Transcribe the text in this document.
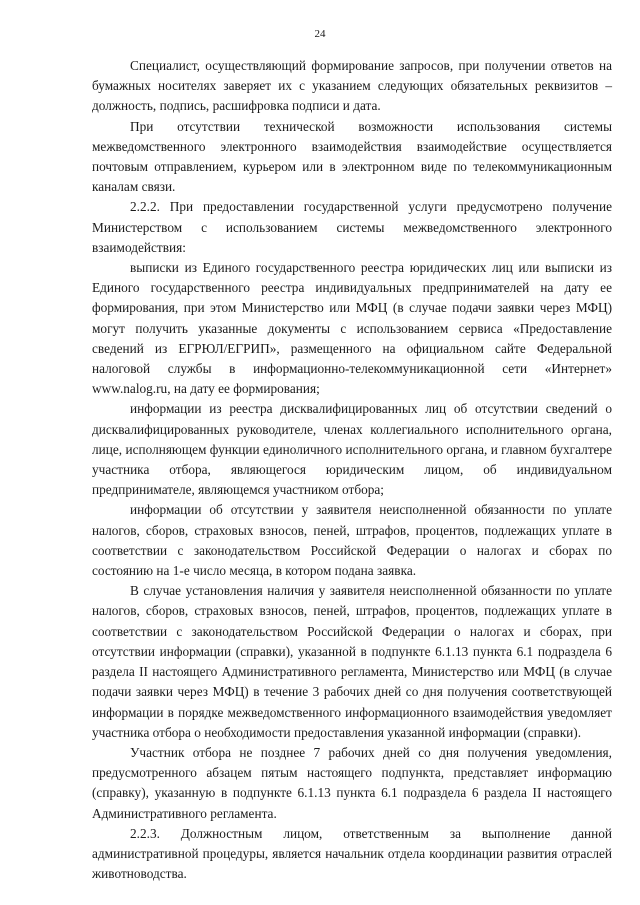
24

Специалист, осуществляющий формирование запросов, при получении ответов на бумажных носителях заверяет их с указанием следующих обязательных реквизитов – должность, подпись, расшифровка подписи и дата.

При отсутствии технической возможности использования системы межведомственного электронного взаимодействия взаимодействие осуществляется почтовым отправлением, курьером или в электронном виде по телекоммуникационным каналам связи.

2.2.2. При предоставлении государственной услуги предусмотрено получение Министерством с использованием системы межведомственного электронного взаимодействия:

выписки из Единого государственного реестра юридических лиц или выписки из Единого государственного реестра индивидуальных предпринимателей на дату ее формирования, при этом Министерство или МФЦ (в случае подачи заявки через МФЦ) могут получить указанные документы с использованием сервиса «Предоставление сведений из ЕГРЮЛ/ЕГРИП», размещенного на официальном сайте Федеральной налоговой службы в информационно-телекоммуникационной сети «Интернет» www.nalog.ru, на дату ее формирования;

информации из реестра дисквалифицированных лиц об отсутствии сведений о дисквалифицированных руководителе, членах коллегиального исполнительного органа, лице, исполняющем функции единоличного исполнительного органа, и главном бухгалтере участника отбора, являющегося юридическим лицом, об индивидуальном предпринимателе, являющемся участником отбора;

информации об отсутствии у заявителя неисполненной обязанности по уплате налогов, сборов, страховых взносов, пеней, штрафов, процентов, подлежащих уплате в соответствии с законодательством Российской Федерации о налогах и сборах по состоянию на 1-е число месяца, в котором подана заявка.

В случае установления наличия у заявителя неисполненной обязанности по уплате налогов, сборов, страховых взносов, пеней, штрафов, процентов, подлежащих уплате в соответствии с законодательством Российской Федерации о налогах и сборах, при отсутствии информации (справки), указанной в подпункте 6.1.13 пункта 6.1 подраздела 6 раздела II настоящего Административного регламента, Министерство или МФЦ (в случае подачи заявки через МФЦ) в течение 3 рабочих дней со дня получения соответствующей информации в порядке межведомственного информационного взаимодействия уведомляет участника отбора о необходимости предоставления указанной информации (справки).

Участник отбора не позднее 7 рабочих дней со дня получения уведомления, предусмотренного абзацем пятым настоящего подпункта, представляет информацию (справку), указанную в подпункте 6.1.13 пункта 6.1 подраздела 6 раздела II настоящего Административного регламента.

2.2.3. Должностным лицом, ответственным за выполнение данной административной процедуры, является начальник отдела координации развития отраслей животноводства.
